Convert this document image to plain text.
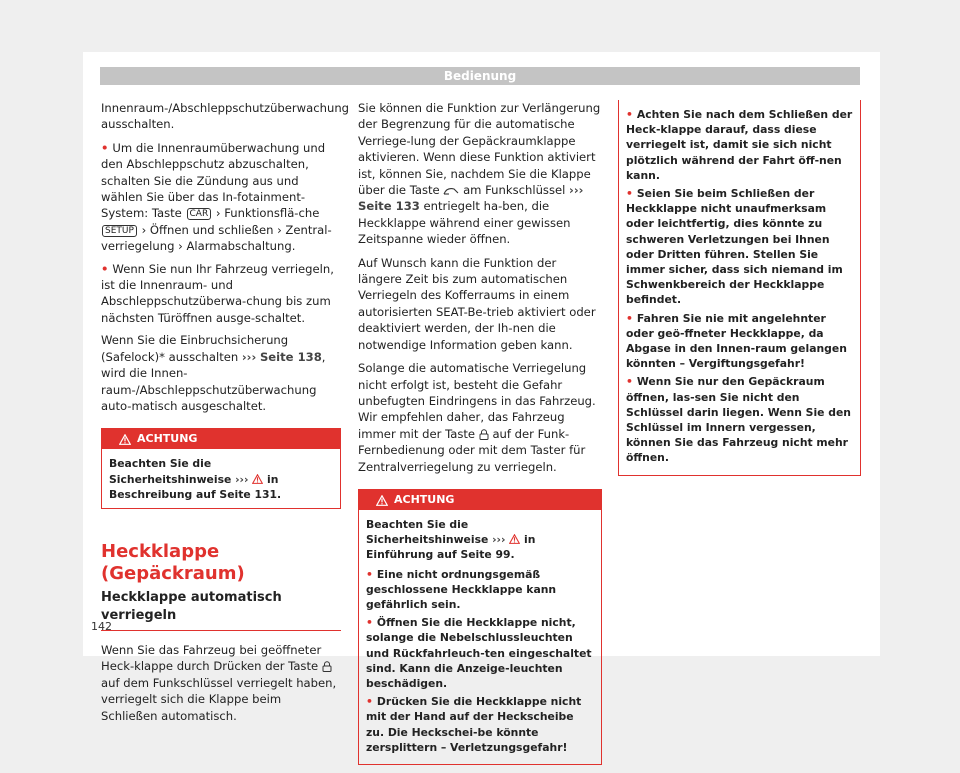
Bedienung

Innenraum-/Abschleppschutzüberwachung ausschalten.

• Um die Innenraumüberwachung und den Abschleppschutz abzuschalten, schalten Sie die Zündung aus und wählen Sie über das In-fotainment-System: Taste CAR › Funktionsflä-che SETUP › Öffnen und schließen › Zentral-verriegelung › Alarmabschaltung.
• Wenn Sie nun Ihr Fahrzeug verriegeln, ist die Innenraum- und Abschleppschutzüberwa-chung bis zum nächsten Türöffnen ausge-schaltet.

Wenn Sie die Einbruchsicherung (Safelock)* ausschalten ››› Seite 138, wird die Innen-raum-/Abschleppschutzüberwachung auto-matisch ausgeschaltet.

ACHTUNG
Beachten Sie die Sicherheitshinweise ››› in Beschreibung auf Seite 131.
Heckklappe (Gepäckraum)
Heckklappe automatisch verriegeln

Wenn Sie das Fahrzeug bei geöffneter Heck-klappe durch Drücken der Taste  auf dem Funkschlüssel verriegelt haben, verriegelt sich die Klappe beim Schließen automatisch.

Sie können die Funktion zur Verlängerung der Begrenzung für die automatische Verriege-lung der Gepäckraumklappe aktivieren. Wenn diese Funktion aktiviert ist, können Sie, nachdem Sie die Klappe über die Taste am Funkschlüssel ››› Seite 133 entriegelt ha-ben, die Heckklappe während einer gewissen Zeitspanne wieder öffnen.

Auf Wunsch kann die Funktion der längere Zeit bis zum automatischen Verriegeln des Kofferraums in einem autorisierten SEAT-Be-trieb aktiviert oder deaktiviert werden, der Ih-nen die notwendige Information geben kann.

Solange die automatische Verriegelung nicht erfolgt ist, besteht die Gefahr unbefugten Eindringens in das Fahrzeug. Wir empfehlen daher, das Fahrzeug immer mit der Taste auf der Funk-Fernbedienung oder mit dem Taster für Zentralverriegelung zu verriegeln.

ACHTUNG

Beachten Sie die Sicherheitshinweise ››› in Einführung auf Seite 99.

• Eine nicht ordnungsgemäß geschlossene Heckklappe kann gefährlich sein.
• Öffnen Sie die Heckklappe nicht, solange die Nebelschlussleuchten und Rückfahrleuch-ten eingeschaltet sind. Kann die Anzeige-leuchten beschädigen.
• Drücken Sie die Heckklappe nicht mit der Hand auf der Heckscheibe zu. Die Heckschei-be könnte zersplittern – Verletzungsgefahr!
• Achten Sie nach dem Schließen der Heck-klappe darauf, dass diese verriegelt ist, damit sie sich nicht plötzlich während der Fahrt öff-nen kann.
• Seien Sie beim Schließen der Heckklappe nicht unaufmerksam oder leichtfertig, dies könnte zu schweren Verletzungen bei Ihnen oder Dritten führen. Stellen Sie immer sicher, dass sich niemand im Schwenkbereich der Heckklappe befindet.
• Fahren Sie nie mit angelehnter oder geö-ffneter Heckklappe, da Abgase in den Innen-raum gelangen könnten – Vergiftungsgefahr!
• Wenn Sie nur den Gepäckraum öffnen, las-sen Sie nicht den Schlüssel darin liegen. Wenn Sie den Schlüssel im Innern vergessen, können Sie das Fahrzeug nicht mehr öffnen.
142
